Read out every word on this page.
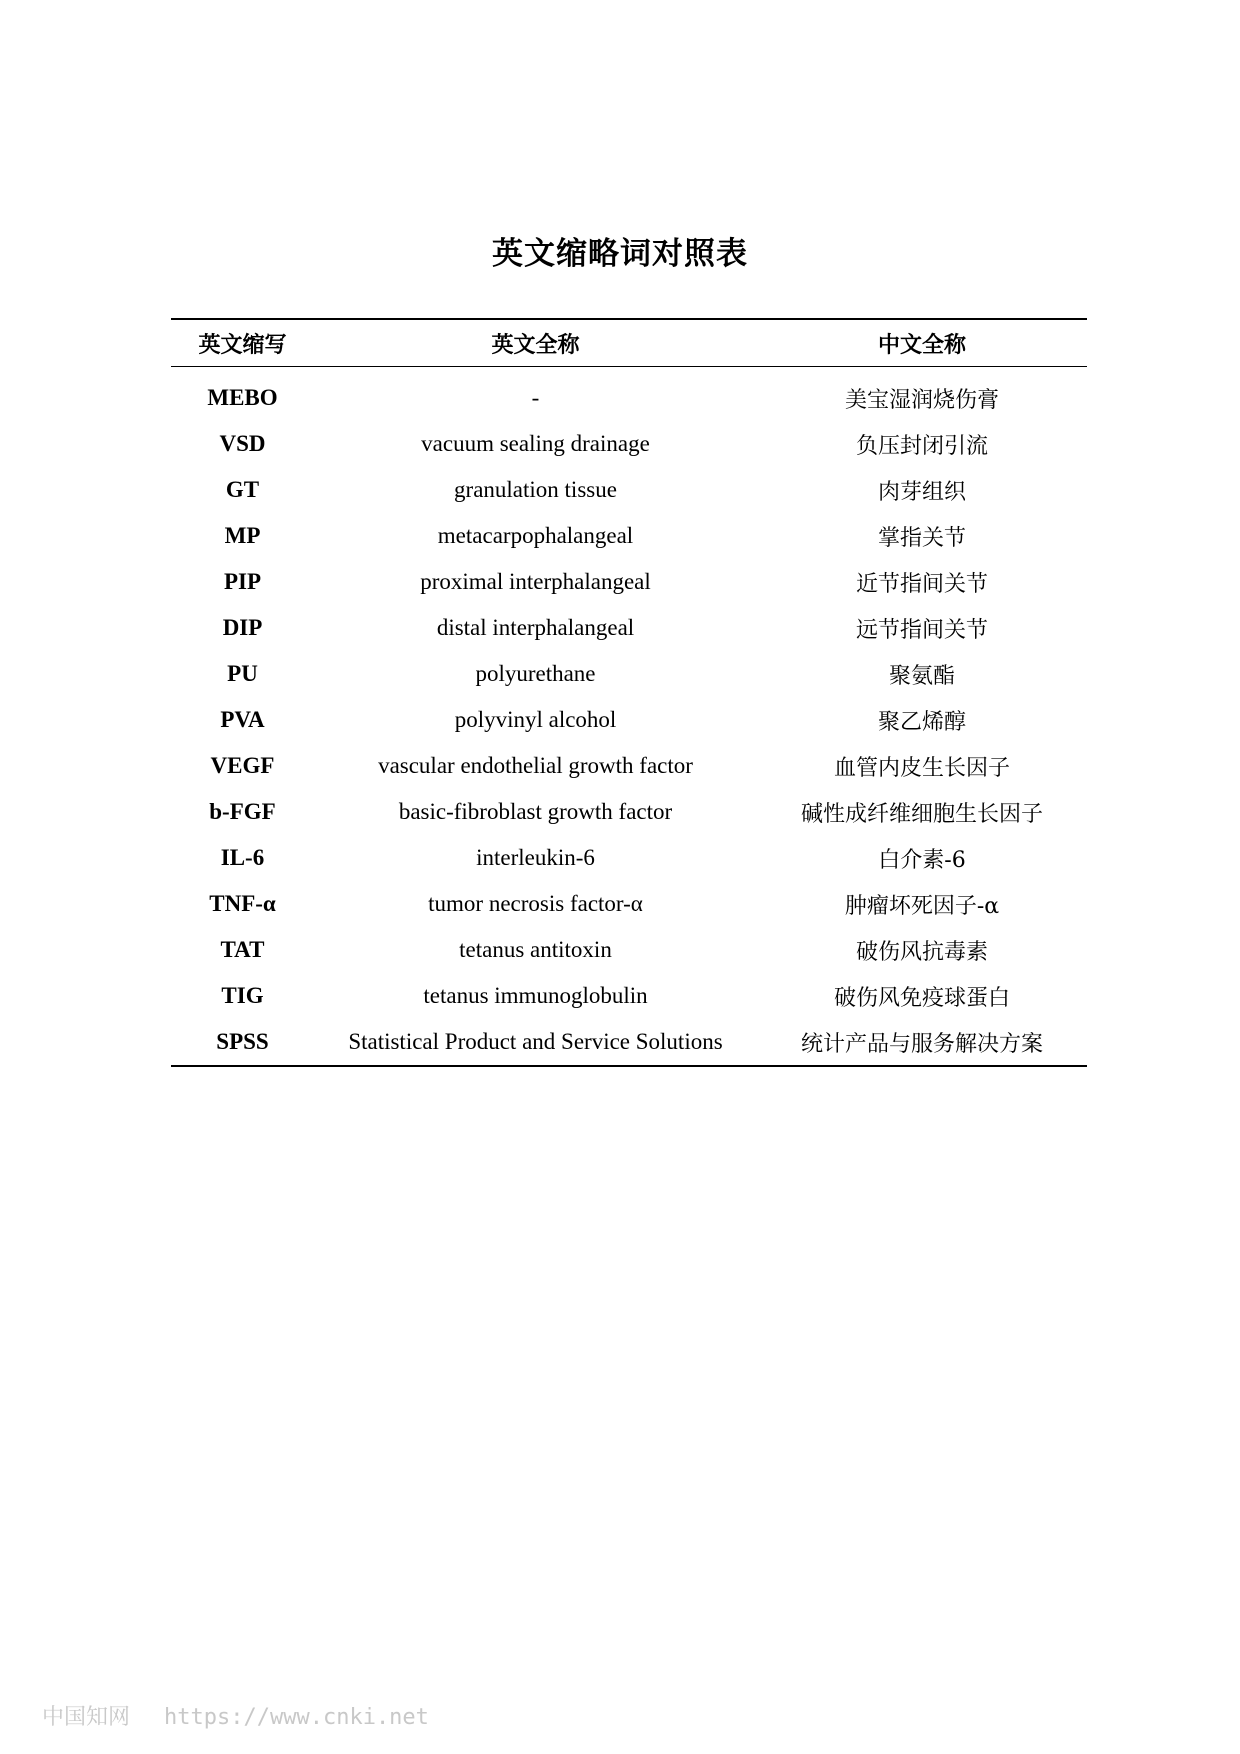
英文缩略词对照表
英文缩写	英文全称	中文全称
MEBO	-	美宝湿润烧伤膏
VSD	vacuum sealing drainage	负压封闭引流
GT	granulation tissue	肉芽组织
MP	metacarpophalangeal	掌指关节
PIP	proximal interphalangeal	近节指间关节
DIP	distal interphalangeal	远节指间关节
PU	polyurethane	聚氨酯
PVA	polyvinyl alcohol	聚乙烯醇
VEGF	vascular endothelial growth factor	血管内皮生长因子
b-FGF	basic-fibroblast growth factor	碱性成纤维细胞生长因子
IL-6	interleukin-6	白介素-6
TNF-α	tumor necrosis factor-α	肿瘤坏死因子-α
TAT	tetanus antitoxin	破伤风抗毒素
TIG	tetanus immunoglobulin	破伤风免疫球蛋白
SPSS	Statistical Product and Service Solutions	统计产品与服务解决方案
中国知网 https://www.cnki.net
